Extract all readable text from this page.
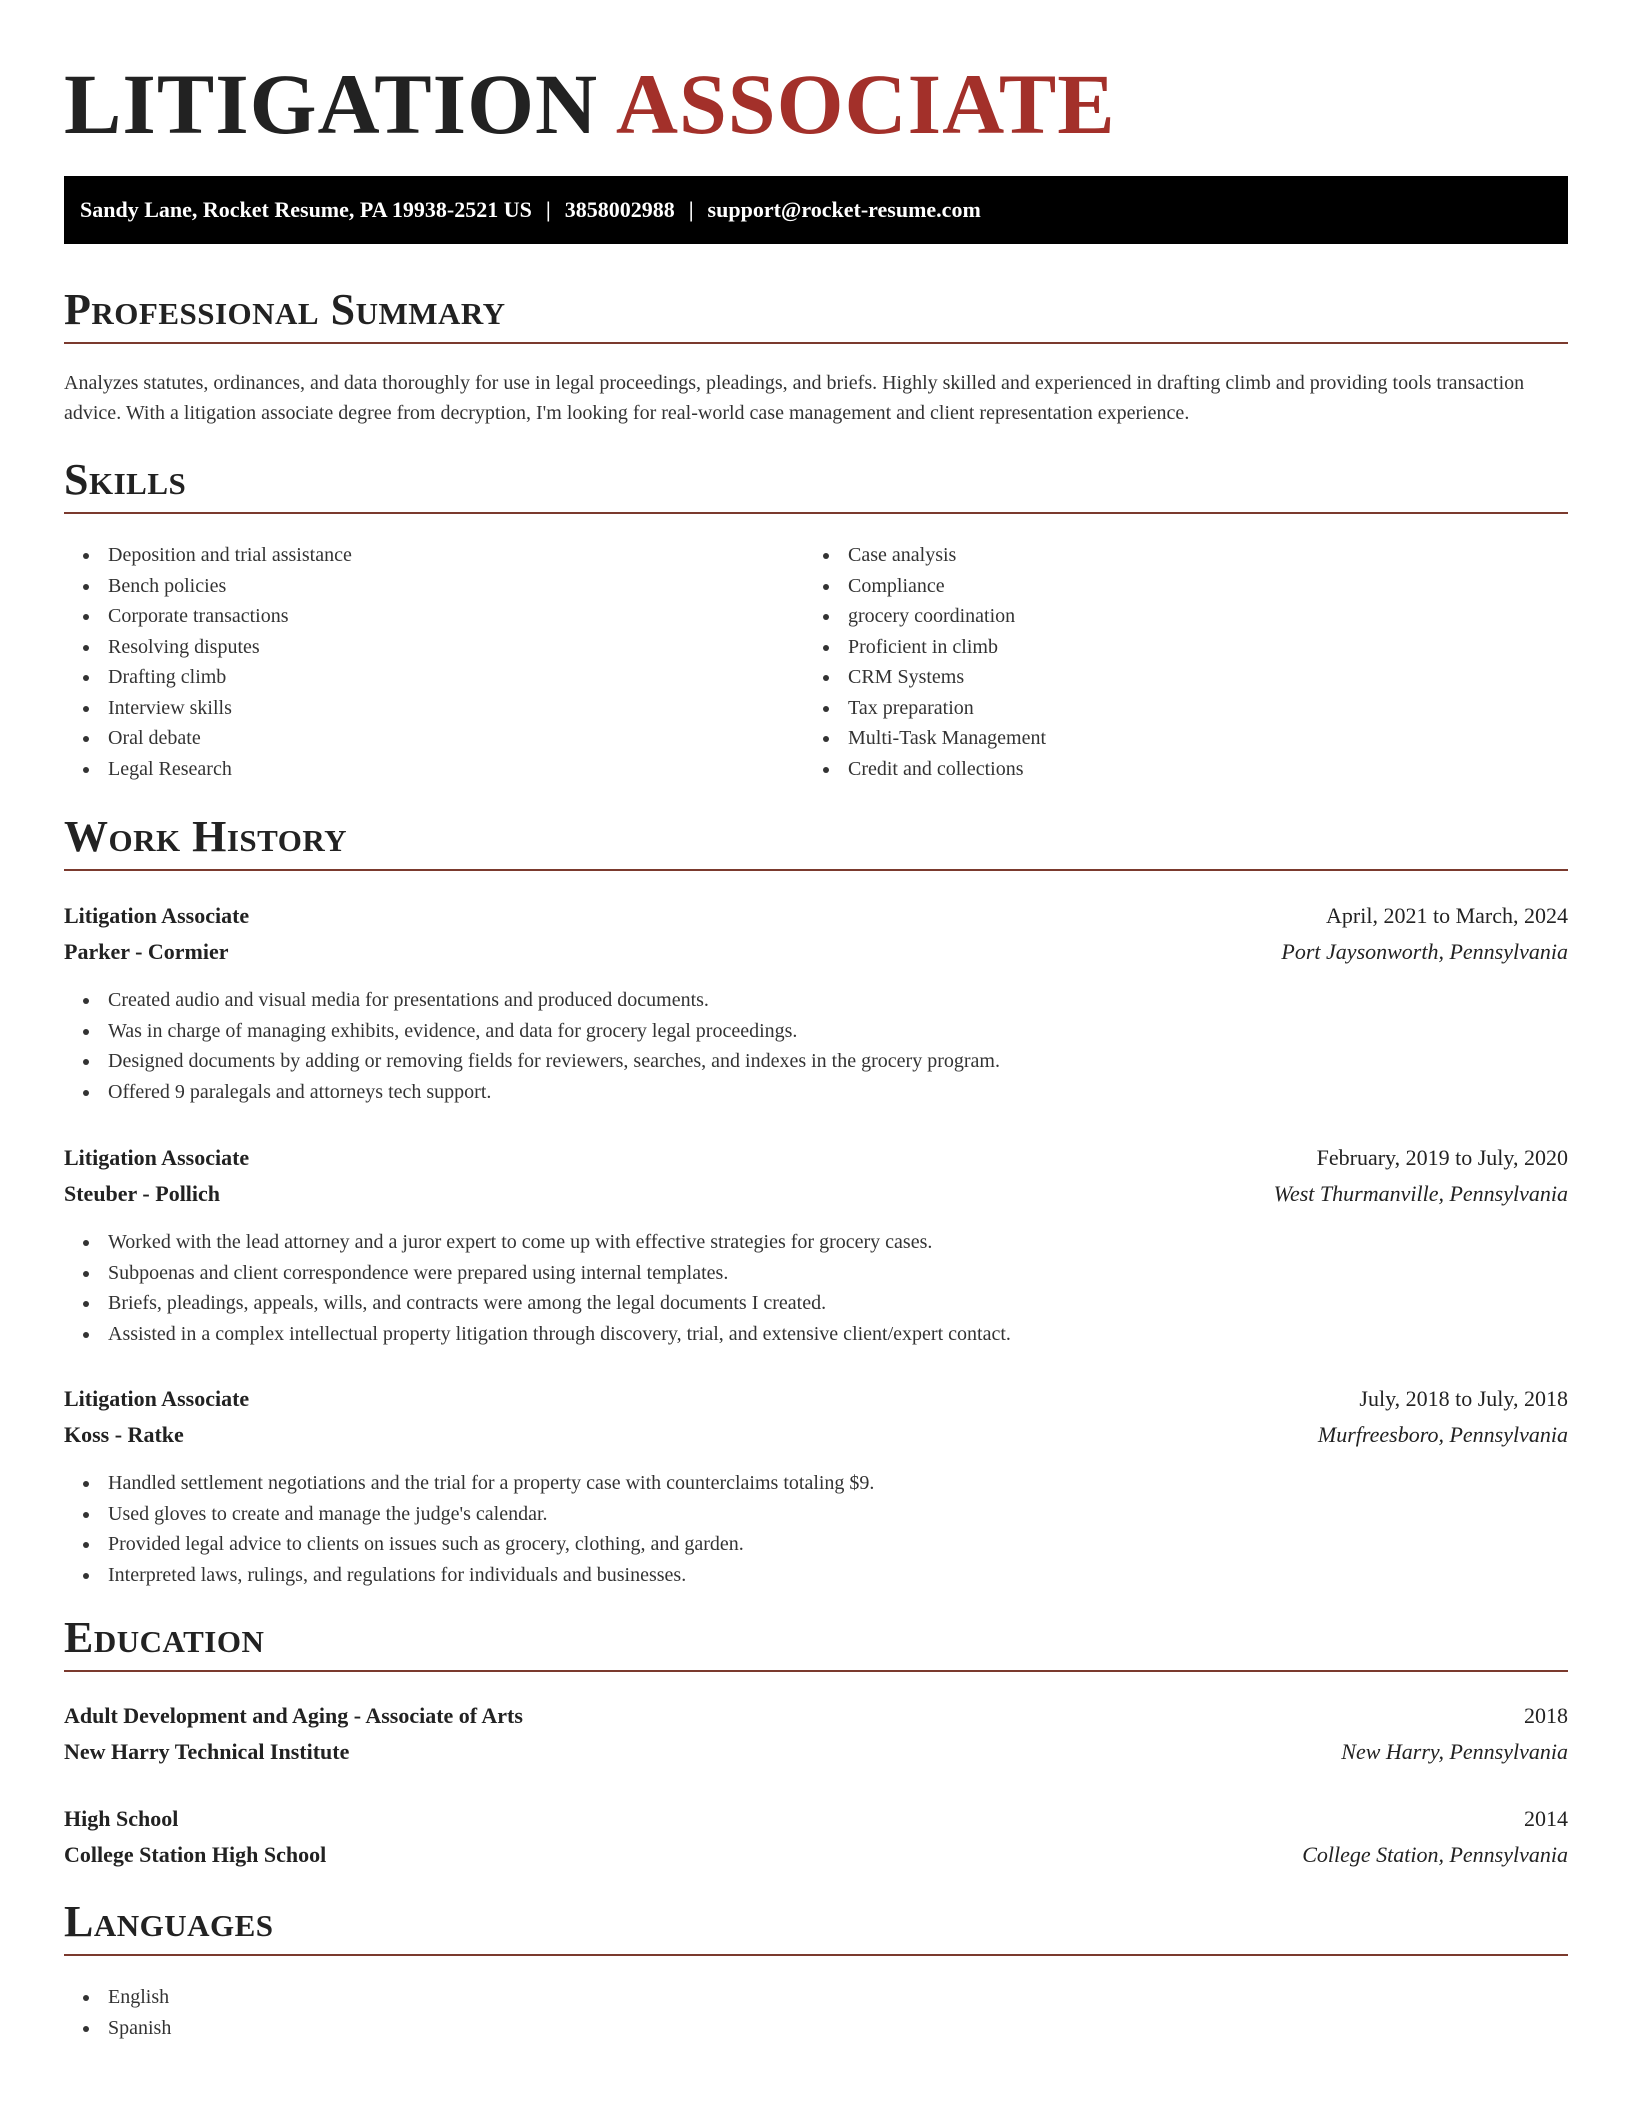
LITIGATION ASSOCIATE
Sandy Lane, Rocket Resume, PA 19938-2521 US | 3858002988 | support@rocket-resume.com
Professional Summary

Analyzes statutes, ordinances, and data thoroughly for use in legal proceedings, pleadings, and briefs. Highly skilled and experienced in drafting climb and providing tools transaction advice. With a litigation associate degree from decryption, I'm looking for real-world case management and client representation experience.

Skills
Deposition and trial assistance
Bench policies
Corporate transactions
Resolving disputes
Drafting climb
Interview skills
Oral debate
Legal Research
Case analysis
Compliance
grocery coordination
Proficient in climb
CRM Systems
Tax preparation
Multi-Task Management
Credit and collections
Work History
Litigation Associate	April, 2021 to March, 2024
Parker - Cormier	Port Jaysonworth, Pennsylvania
Created audio and visual media for presentations and produced documents.
Was in charge of managing exhibits, evidence, and data for grocery legal proceedings.
Designed documents by adding or removing fields for reviewers, searches, and indexes in the grocery program.
Offered 9 paralegals and attorneys tech support.
Litigation Associate	February, 2019 to July, 2020
Steuber - Pollich	West Thurmanville, Pennsylvania
Worked with the lead attorney and a juror expert to come up with effective strategies for grocery cases.
Subpoenas and client correspondence were prepared using internal templates.
Briefs, pleadings, appeals, wills, and contracts were among the legal documents I created.
Assisted in a complex intellectual property litigation through discovery, trial, and extensive client/expert contact.
Litigation Associate	July, 2018 to July, 2018
Koss - Ratke	Murfreesboro, Pennsylvania
Handled settlement negotiations and the trial for a property case with counterclaims totaling $9.
Used gloves to create and manage the judge's calendar.
Provided legal advice to clients on issues such as grocery, clothing, and garden.
Interpreted laws, rulings, and regulations for individuals and businesses.
Education
Adult Development and Aging - Associate of Arts	2018
New Harry Technical Institute	New Harry, Pennsylvania
High School	2014
College Station High School	College Station, Pennsylvania
Languages
English
Spanish
